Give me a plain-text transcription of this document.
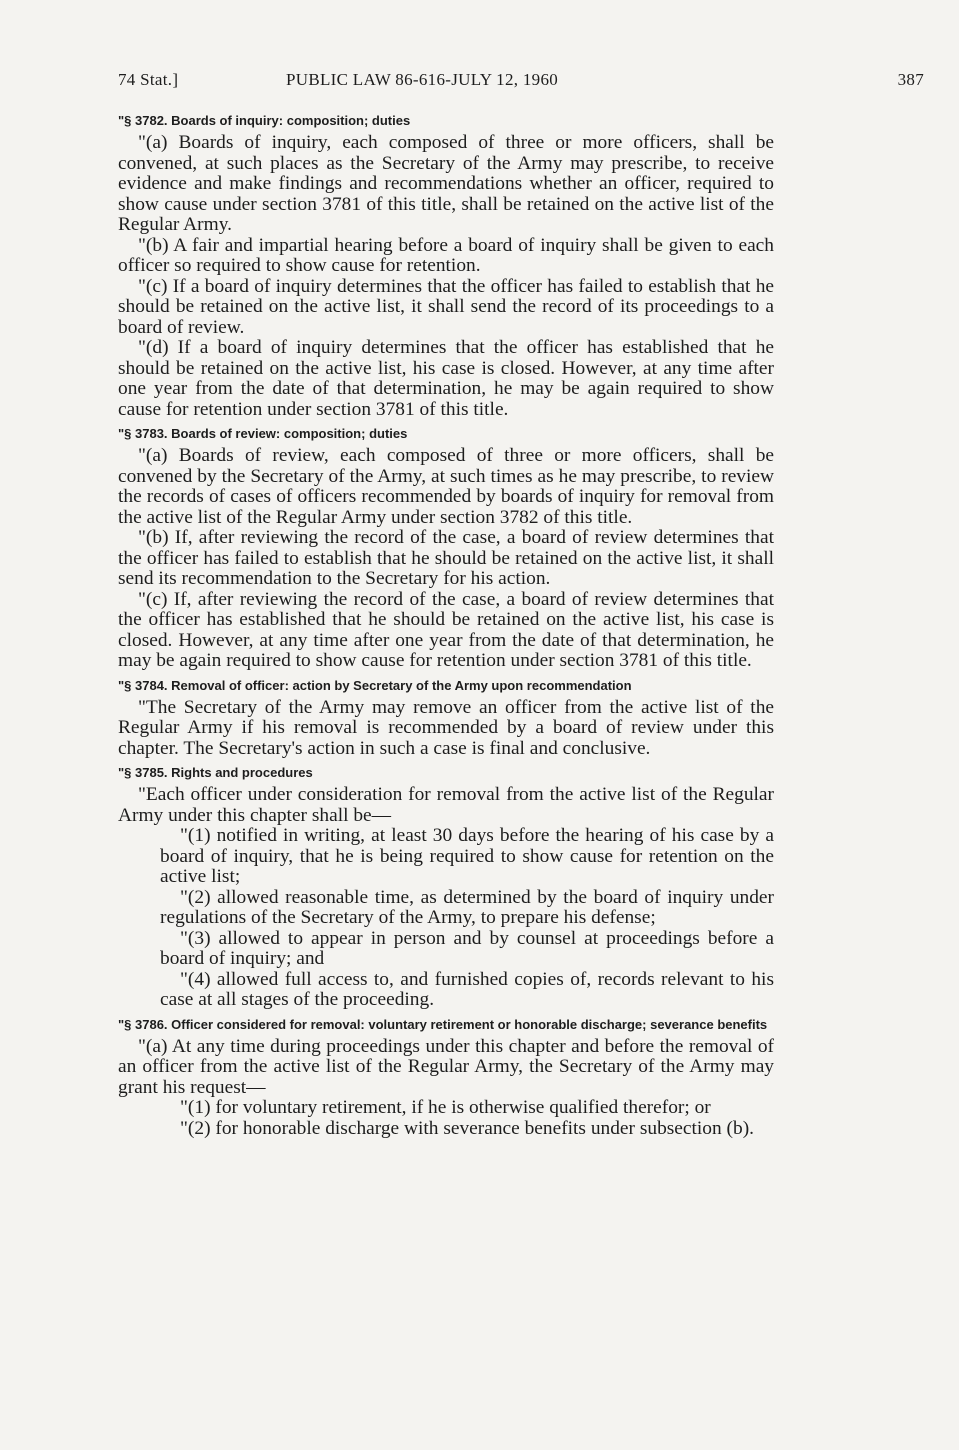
74 Stat.]	PUBLIC LAW 86-616-JULY 12, 1960	387
"§ 3782. Boards of inquiry: composition; duties

"(a) Boards of inquiry, each composed of three or more officers, shall be convened, at such places as the Secretary of the Army may prescribe, to receive evidence and make findings and recommendations whether an officer, required to show cause under section 3781 of this title, shall be retained on the active list of the Regular Army.

"(b) A fair and impartial hearing before a board of inquiry shall be given to each officer so required to show cause for retention.

"(c) If a board of inquiry determines that the officer has failed to establish that he should be retained on the active list, it shall send the record of its proceedings to a board of review.

"(d) If a board of inquiry determines that the officer has established that he should be retained on the active list, his case is closed. However, at any time after one year from the date of that determination, he may be again required to show cause for retention under section 3781 of this title.

"§ 3783. Boards of review: composition; duties

"(a) Boards of review, each composed of three or more officers, shall be convened by the Secretary of the Army, at such times as he may prescribe, to review the records of cases of officers recommended by boards of inquiry for removal from the active list of the Regular Army under section 3782 of this title.

"(b) If, after reviewing the record of the case, a board of review determines that the officer has failed to establish that he should be retained on the active list, it shall send its recommendation to the Secretary for his action.

"(c) If, after reviewing the record of the case, a board of review determines that the officer has established that he should be retained on the active list, his case is closed. However, at any time after one year from the date of that determination, he may be again required to show cause for retention under section 3781 of this title.

"§ 3784. Removal of officer: action by Secretary of the Army upon recommendation

"The Secretary of the Army may remove an officer from the active list of the Regular Army if his removal is recommended by a board of review under this chapter. The Secretary's action in such a case is final and conclusive.

"§ 3785. Rights and procedures

"Each officer under consideration for removal from the active list of the Regular Army under this chapter shall be—

"(1) notified in writing, at least 30 days before the hearing of his case by a board of inquiry, that he is being required to show cause for retention on the active list;

"(2) allowed reasonable time, as determined by the board of inquiry under regulations of the Secretary of the Army, to prepare his defense;

"(3) allowed to appear in person and by counsel at proceedings before a board of inquiry; and

"(4) allowed full access to, and furnished copies of, records relevant to his case at all stages of the proceeding.

"§ 3786. Officer considered for removal: voluntary retirement or honorable discharge; severance benefits

"(a) At any time during proceedings under this chapter and before the removal of an officer from the active list of the Regular Army, the Secretary of the Army may grant his request—

"(1) for voluntary retirement, if he is otherwise qualified therefor; or

"(2) for honorable discharge with severance benefits under subsection (b).
